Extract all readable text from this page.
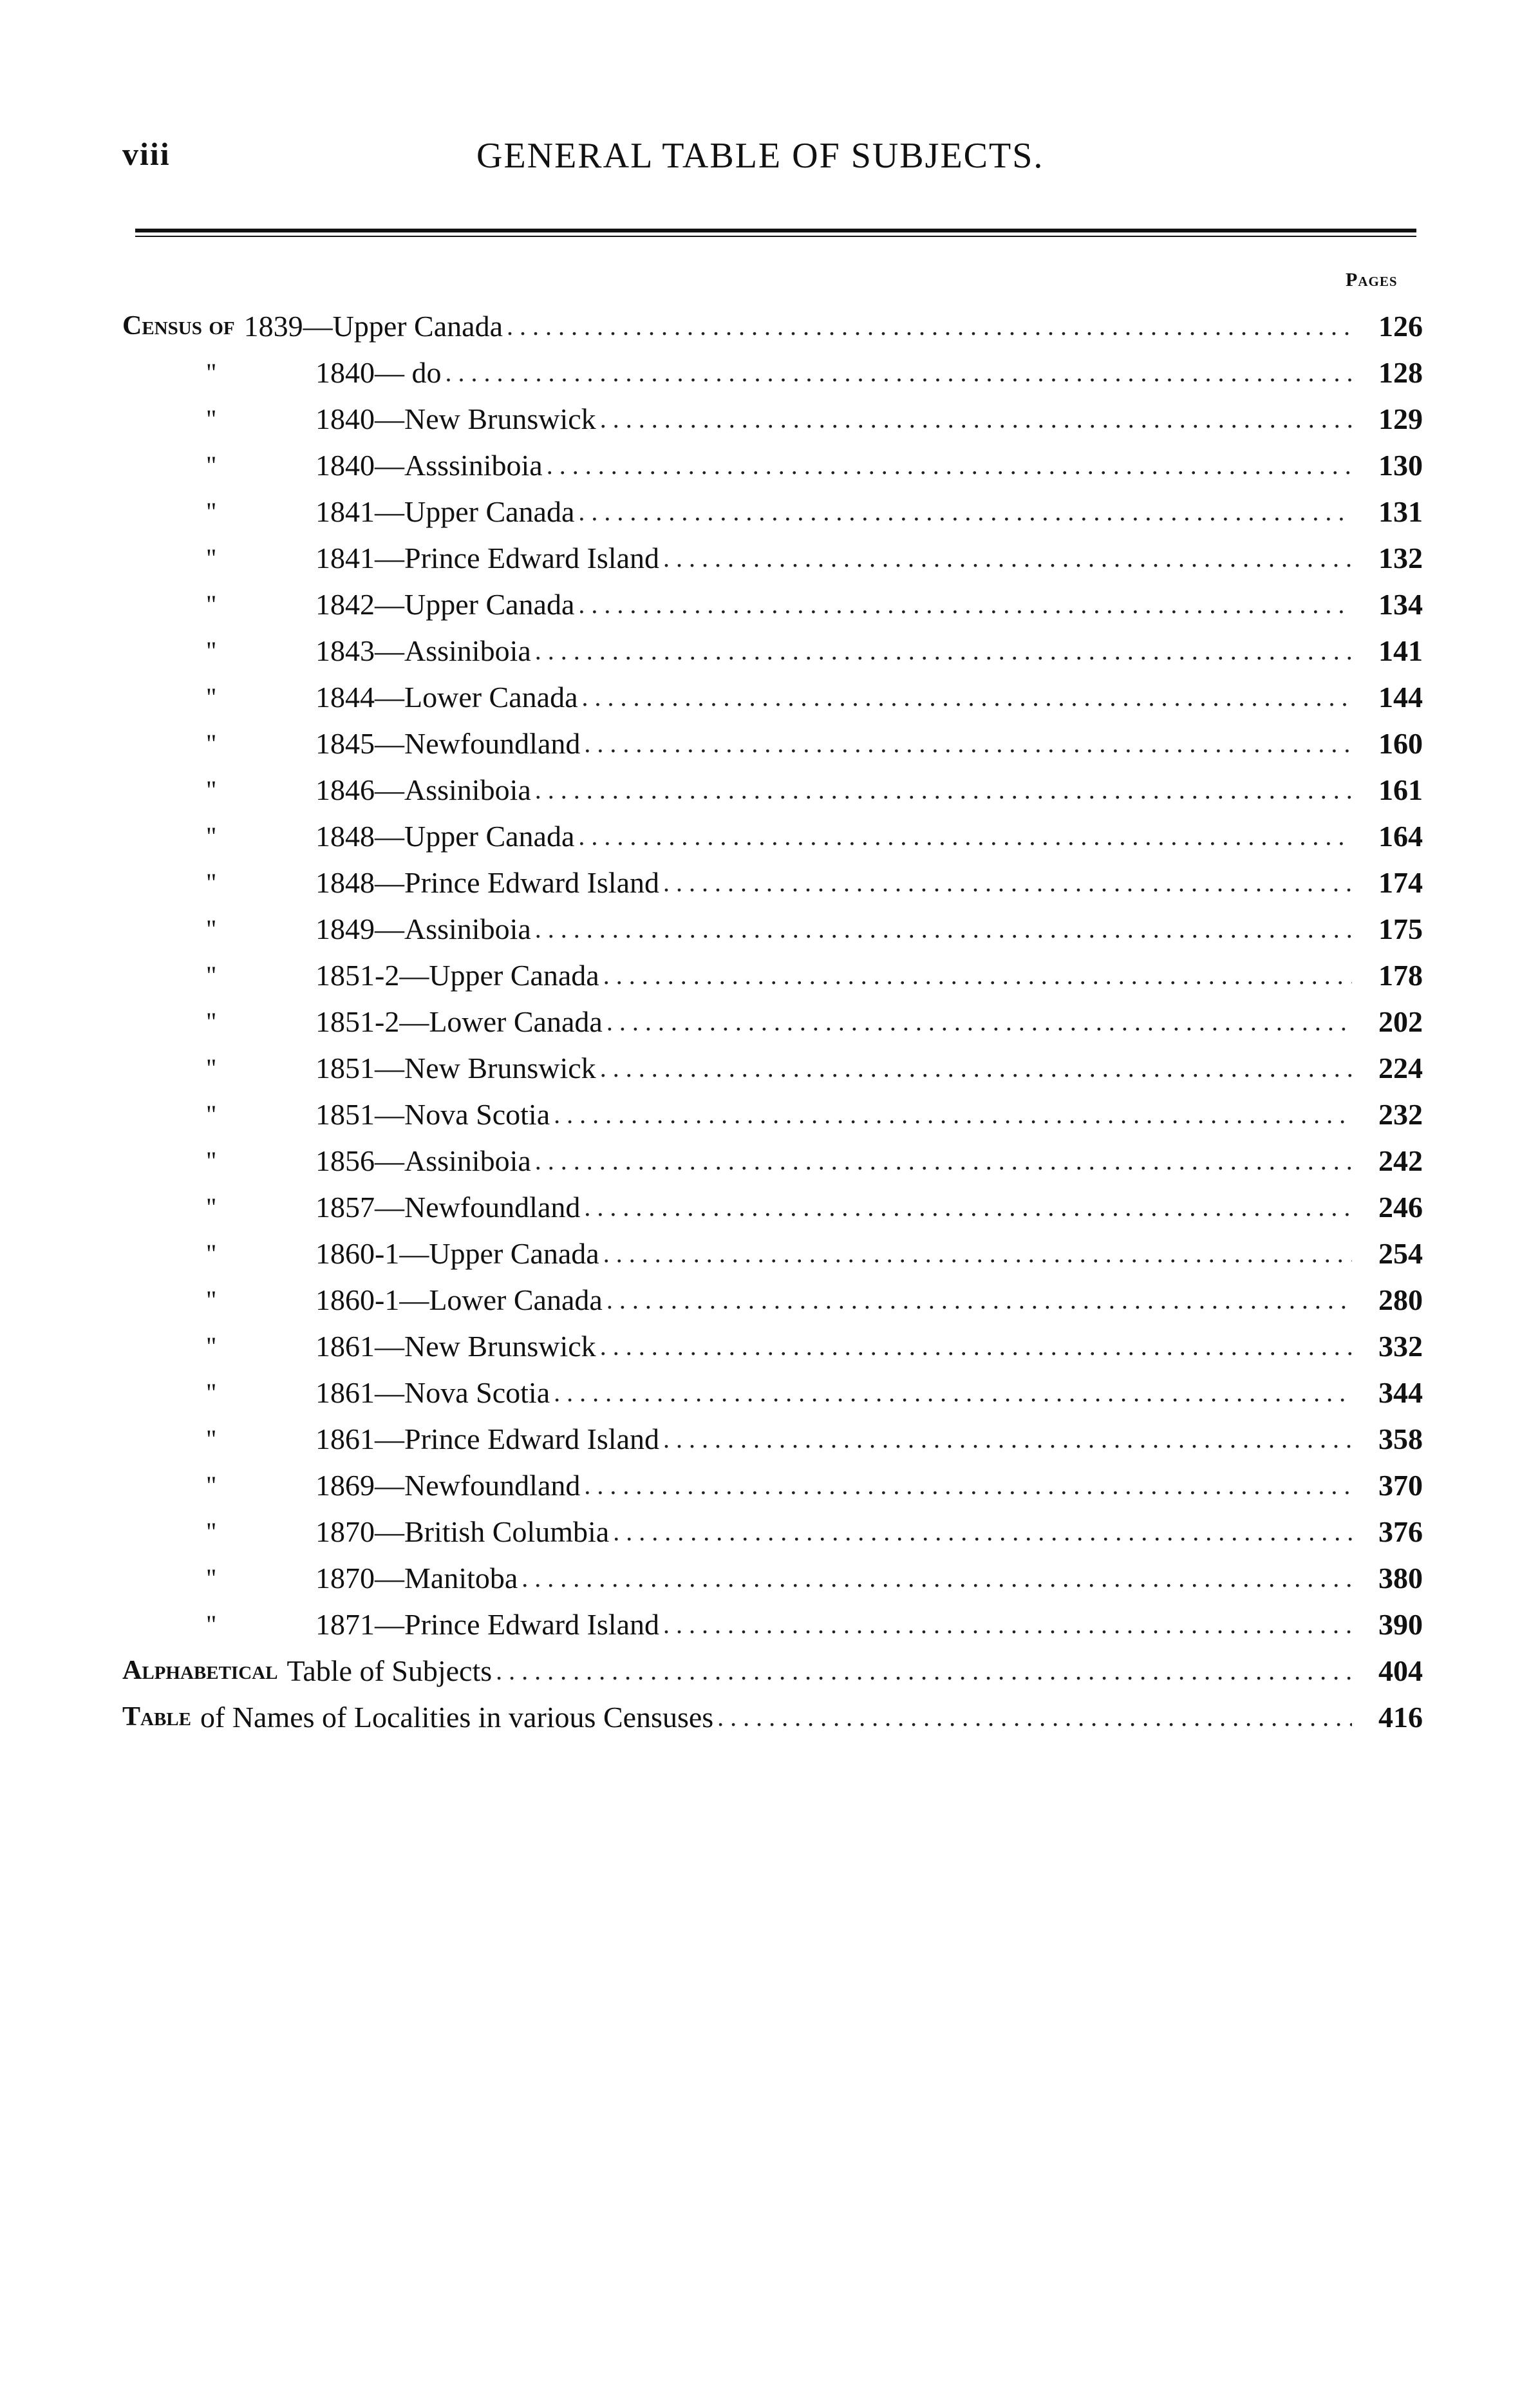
viii	GENERAL TABLE OF SUBJECTS.
Pages
Census of 1839—Upper Canada . . .	126
"	1840— do . . .	128
"	1840—New Brunswick . . .	129
"	1840—Asssiniboia . . .	130
"	1841—Upper Canada . . .	131
"	1841—Prince Edward Island . . .	132
"	1842—Upper Canada . . .	134
"	1843—Assiniboia . . .	141
"	1844—Lower Canada . . .	144
"	1845—Newfoundland . . .	160
"	1846—Assiniboia . . .	161
"	1848—Upper Canada . . .	164
"	1848—Prince Edward Island . . .	174
"	1849—Assiniboia . . .	175
"	1851-2—Upper Canada . . .	178
"	1851-2—Lower Canada . . .	202
"	1851—New Brunswick . . .	224
"	1851—Nova Scotia . . .	232
"	1856—Assiniboia . . .	242
"	1857—Newfoundland . . .	246
"	1860-1—Upper Canada . . .	254
"	1860-1—Lower Canada . . .	280
"	1861—New Brunswick . . .	332
"	1861—Nova Scotia . . .	344
"	1861—Prince Edward Island . . .	358
"	1869—Newfoundland . . .	370
"	1870—British Columbia . . .	376
"	1870—Manitoba . . .	380
"	1871—Prince Edward Island . . .	390
Alphabetical Table of Subjects . . .	404
Table of Names of Localities in various Censuses . . .	416
